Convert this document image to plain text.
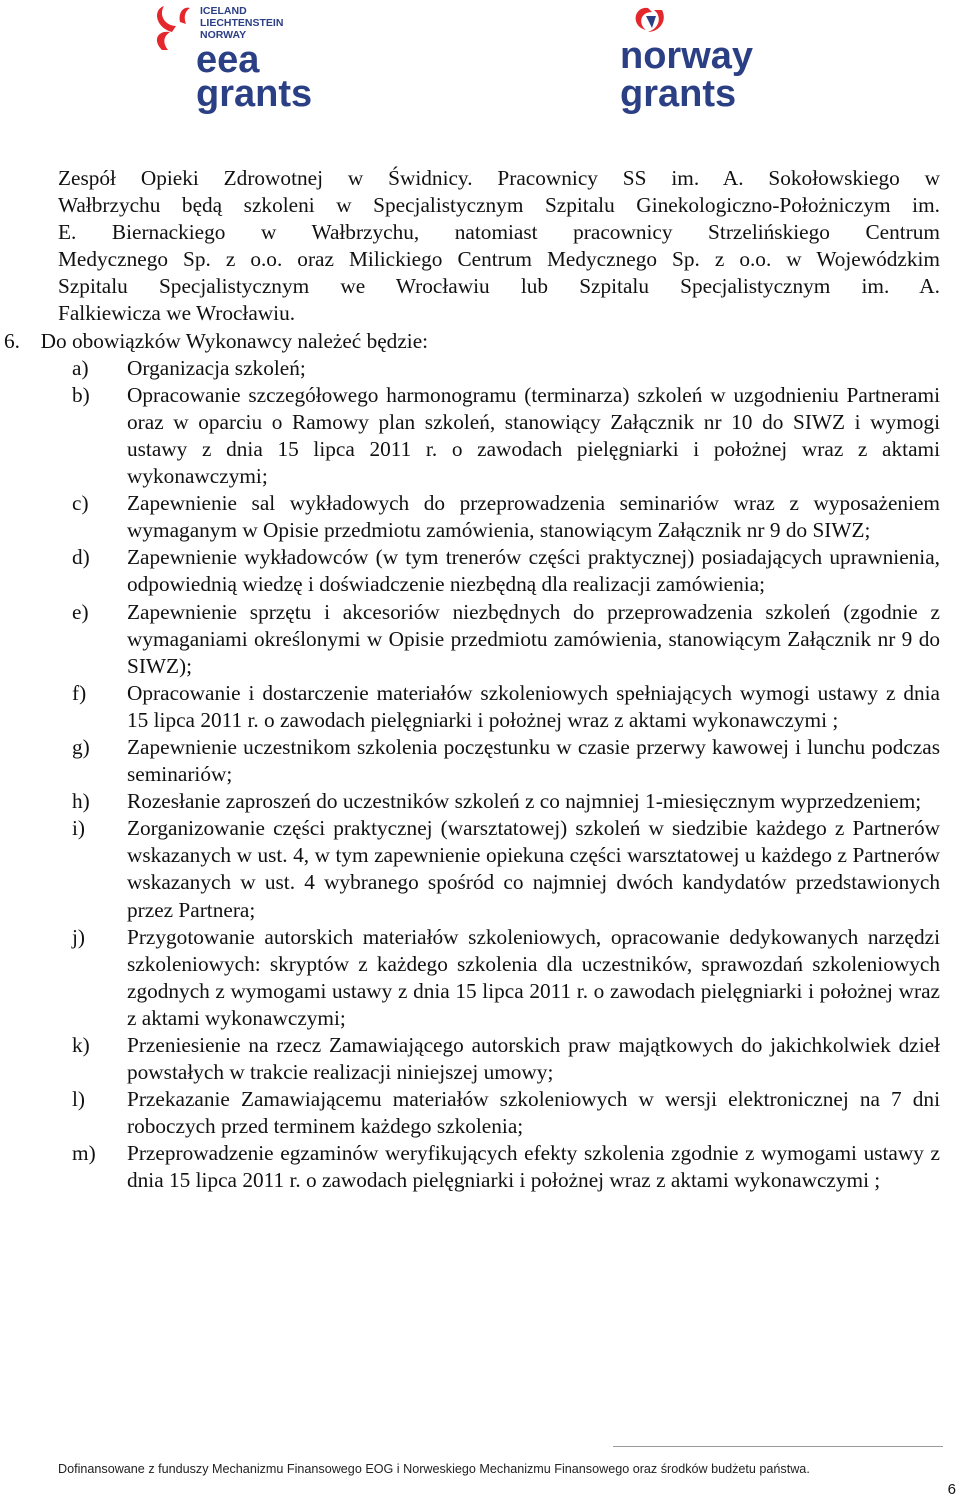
ICELAND
LIECHTENSTEIN
NORWAY
eea
grants
norway
grants

Zespół Opieki Zdrowotnej w Świdnicy. Pracownicy SS im. A. Sokołowskiego w

Wałbrzychu będą szkoleni w Specjalistycznym Szpitalu Ginekologiczno-Położniczym im.

E. Biernackiego w Wałbrzychu, natomiast pracownicy Strzelińskiego Centrum

Medycznego Sp. z o.o. oraz Milickiego Centrum Medycznego Sp. z o.o. w Wojewódzkim

Szpitalu Specjalistycznym we Wrocławiu lub Szpitalu Specjalistycznym im. A.

Falkiewicza we Wrocławiu.

6. Do obowiązków Wykonawcy należeć będzie:
a) Organizacja szkoleń;
b) Opracowanie szczegółowego harmonogramu (terminarza) szkoleń w uzgodnieniu Partnerami oraz w oparciu o Ramowy plan szkoleń, stanowiący Załącznik nr 10 do SIWZ i wymogi ustawy z dnia 15 lipca 2011 r. o zawodach pielęgniarki i położnej wraz z aktami wykonawczymi;
c) Zapewnienie sal wykładowych do przeprowadzenia seminariów wraz z wyposażeniem wymaganym w Opisie przedmiotu zamówienia, stanowiącym Załącznik nr 9 do SIWZ;
d) Zapewnienie wykładowców (w tym trenerów części praktycznej) posiadających uprawnienia, odpowiednią wiedzę i doświadczenie niezbędną dla realizacji zamówienia;
e) Zapewnienie sprzętu i akcesoriów niezbędnych do przeprowadzenia szkoleń (zgodnie z wymaganiami określonymi w Opisie przedmiotu zamówienia, stanowiącym Załącznik nr 9 do SIWZ);
f) Opracowanie i dostarczenie materiałów szkoleniowych spełniających wymogi ustawy z dnia 15 lipca 2011 r. o zawodach pielęgniarki i położnej wraz z aktami wykonawczymi ;
g) Zapewnienie uczestnikom szkolenia poczęstunku w czasie przerwy kawowej i lunchu podczas seminariów;
h) Rozesłanie zaproszeń do uczestników szkoleń z co najmniej 1-miesięcznym wyprzedzeniem;
i) Zorganizowanie części praktycznej (warsztatowej) szkoleń w siedzibie każdego z Partnerów wskazanych w ust. 4, w tym zapewnienie opiekuna części warsztatowej u każdego z Partnerów wskazanych w ust. 4 wybranego spośród co najmniej dwóch kandydatów przedstawionych przez Partnera;
j) Przygotowanie autorskich materiałów szkoleniowych, opracowanie dedykowanych narzędzi szkoleniowych: skryptów z każdego szkolenia dla uczestników, sprawozdań szkoleniowych zgodnych z wymogami ustawy z dnia 15 lipca 2011 r. o zawodach pielęgniarki i położnej wraz z aktami wykonawczymi;
k) Przeniesienie na rzecz Zamawiającego autorskich praw majątkowych do jakichkolwiek dzieł powstałych w trakcie realizacji niniejszej umowy;
l) Przekazanie Zamawiającemu materiałów szkoleniowych w wersji elektronicznej na 7 dni roboczych przed terminem każdego szkolenia;
m) Przeprowadzenie egzaminów weryfikujących efekty szkolenia zgodnie z wymogami ustawy z dnia 15 lipca 2011 r. o zawodach pielęgniarki i położnej wraz z aktami wykonawczymi ;
Dofinansowane z funduszy Mechanizmu Finansowego EOG i Norweskiego Mechanizmu Finansowego oraz środków budżetu państwa.
6
